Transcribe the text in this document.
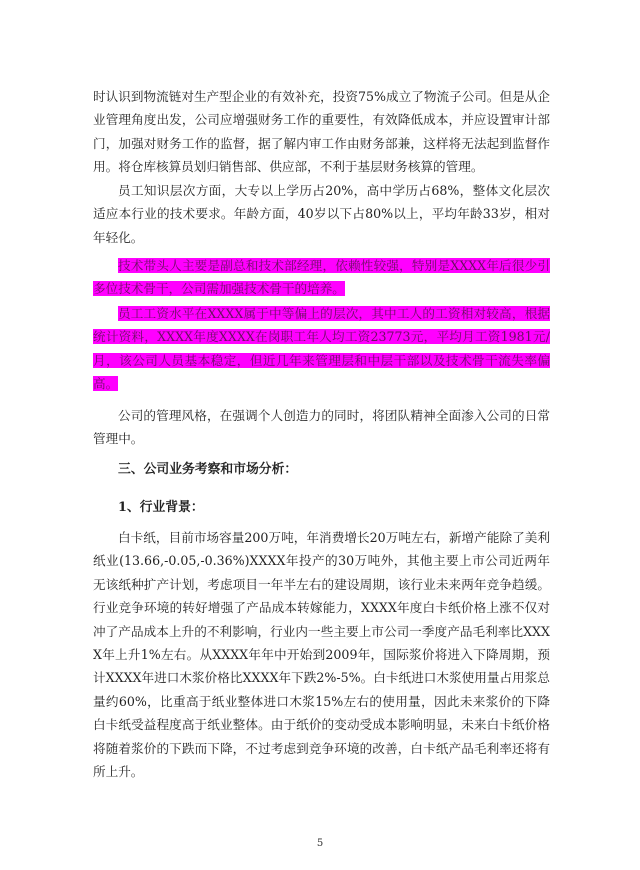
时认识到物流链对生产型企业的有效补充，投资75%成立了物流子公司。但是从企业管理角度出发，公司应增强财务工作的重要性，有效降低成本，并应设置审计部门，加强对财务工作的监督，据了解内审工作由财务部兼，这样将无法起到监督作用。将仓库核算员划归销售部、供应部，不利于基层财务核算的管理。

员工知识层次方面，大专以上学历占20%，高中学历占68%，整体文化层次适应本行业的技术要求。年龄方面，40岁以下占80%以上，平均年龄33岁，相对年轻化。

技术带头人主要是副总和技术部经理，依赖性较强，特别是XXXX年后很少引多位技术骨干，公司需加强技术骨干的培养。

员工工资水平在XXXX属于中等偏上的层次，其中工人的工资相对较高，根据统计资料，XXXX年度XXXX在岗职工年人均工资23773元，平均月工资1981元/月，该公司人员基本稳定，但近几年来管理层和中层干部以及技术骨干流失率偏高。

公司的管理风格，在强调个人创造力的同时，将团队精神全面渗入公司的日常管理中。

三、公司业务考察和市场分析：
1、行业背景：

白卡纸，目前市场容量200万吨，年消费增长20万吨左右，新增产能除了美利纸业(13.66,-0.05,-0.36%)XXXX年投产的30万吨外，其他主要上市公司近两年无该纸种扩产计划，考虑项目一年半左右的建设周期，该行业未来两年竞争趋缓。行业竞争环境的转好增强了产品成本转嫁能力，XXXX年度白卡纸价格上涨不仅对冲了产品成本上升的不利影响，行业内一些主要上市公司一季度产品毛利率比XXXX年上升1%左右。从XXXX年年中开始到2009年，国际浆价将进入下降周期，预计XXXX年进口木浆价格比XXXX年下跌2%-5%。白卡纸进口木浆使用量占用浆总量约60%，比重高于纸业整体进口木浆15%左右的使用量，因此未来浆价的下降白卡纸受益程度高于纸业整体。由于纸价的变动受成本影响明显，未来白卡纸价格将随着浆价的下跌而下降，不过考虑到竞争环境的改善，白卡纸产品毛利率还将有所上升。

5
